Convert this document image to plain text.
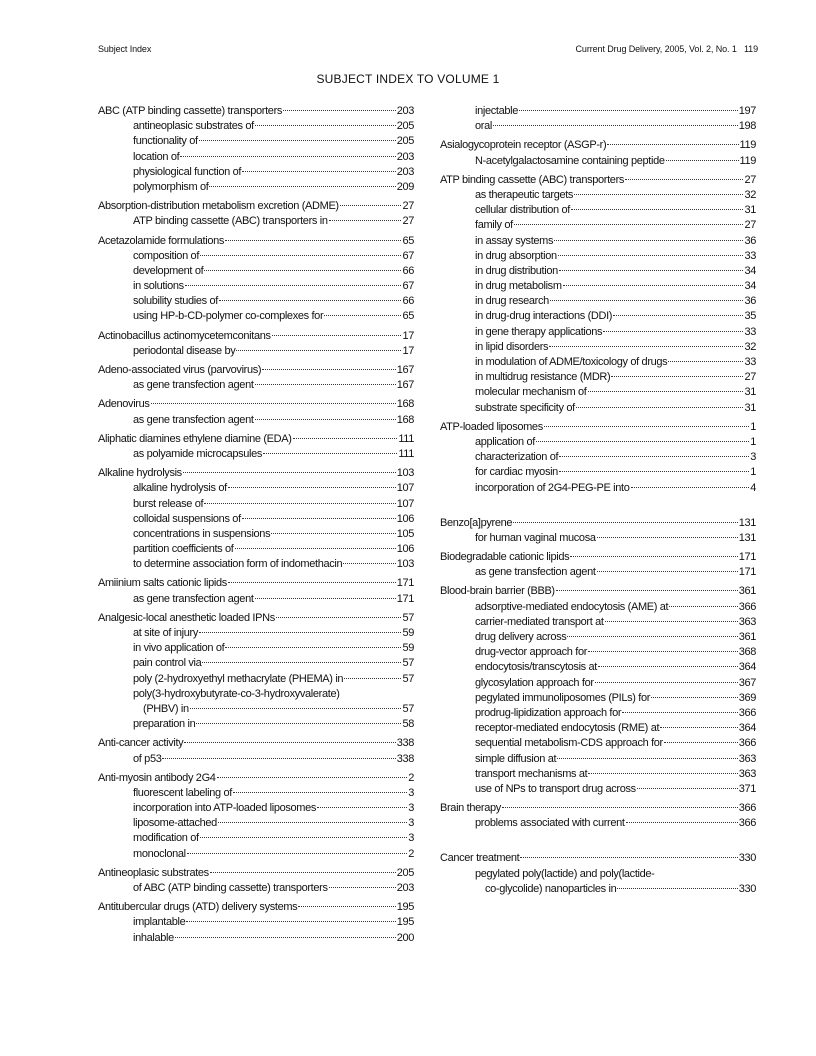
Subject Index	Current Drug Delivery, 2005, Vol. 2, No. 1   119
SUBJECT INDEX TO VOLUME 1
ABC (ATP binding cassette) transporters	203
antineoplasic substrates of	205
functionality of	205
location of	203
physiological function of	203
polymorphism of	209
Absorption-distribution metabolism excretion (ADME)	27
ATP binding cassette (ABC) transporters in	27
Acetazolamide formulations	65
composition of	67
development of	66
in solutions	67
solubility studies of	66
using HP-b-CD-polymer co-complexes for	65
Actinobacillus actinomycetemconitans	17
periodontal disease by	17
Adeno-associated virus (parvovirus)	167
as gene transfection agent	167
Adenovirus	168
as gene transfection agent	168
Aliphatic diamines ethylene diamine (EDA)	111
as polyamide microcapsules	111
Alkaline hydrolysis	103
alkaline hydrolysis of	107
burst release of	107
colloidal suspensions of	106
concentrations in suspensions	105
partition coefficients of	106
to determine association form of indomethacin	103
Amiinium salts cationic lipids	171
as gene transfection agent	171
Analgesic-local anesthetic loaded IPNs	57
at site of injury	59
in vivo application of	59
pain control via	57
poly (2-hydroxyethyl methacrylate (PHEMA) in	57
poly(3-hydroxybutyrate-co-3-hydroxyvalerate)
(PHBV) in	57
preparation in	58
Anti-cancer activity	338
of p53	338
Anti-myosin antibody 2G4	2
fluorescent labeling of	3
incorporation into ATP-loaded liposomes	3
liposome-attached	3
modification of	3
monoclonal	2
Antineoplasic substrates	205
of ABC (ATP binding cassette) transporters	203
Antitubercular drugs (ATD) delivery systems	195
implantable	195
inhalable	200
injectable	197
oral	198
Asialogycoprotein receptor (ASGP-r)	119
N-acetylgalactosamine containing peptide	119
ATP binding cassette (ABC) transporters	27
as therapeutic targets	32
cellular distribution of	31
family of	27
in assay systems	36
in drug absorption	33
in drug distribution	34
in drug metabolism	34
in drug research	36
in drug-drug interactions (DDI)	35
in gene therapy applications	33
in lipid disorders	32
in modulation of ADME/toxicology of drugs	33
in multidrug resistance (MDR)	27
molecular mechanism of	31
substrate specificity of	31
ATP-loaded liposomes	1
application of	1
characterization of	3
for cardiac myosin	1
incorporation of 2G4-PEG-PE into	4
Benzo[a]pyrene	131
for human vaginal mucosa	131
Biodegradable cationic lipids	171
as gene transfection agent	171
Blood-brain barrier (BBB)	361
adsorptive-mediated endocytosis (AME) at	366
carrier-mediated transport at	363
drug delivery across	361
drug-vector approach for	368
endocytosis/transcytosis at	364
glycosylation approach for	367
pegylated immunoliposomes (PILs) for	369
prodrug-lipidization approach for	366
receptor-mediated endocytosis (RME) at	364
sequential metabolism-CDS approach for	366
simple diffusion at	363
transport mechanisms at	363
use of NPs to transport drug across	371
Brain therapy	366
problems associated with current	366
Cancer treatment	330
pegylated poly(lactide) and poly(lactide-
co-glycolide) nanoparticles in	330
